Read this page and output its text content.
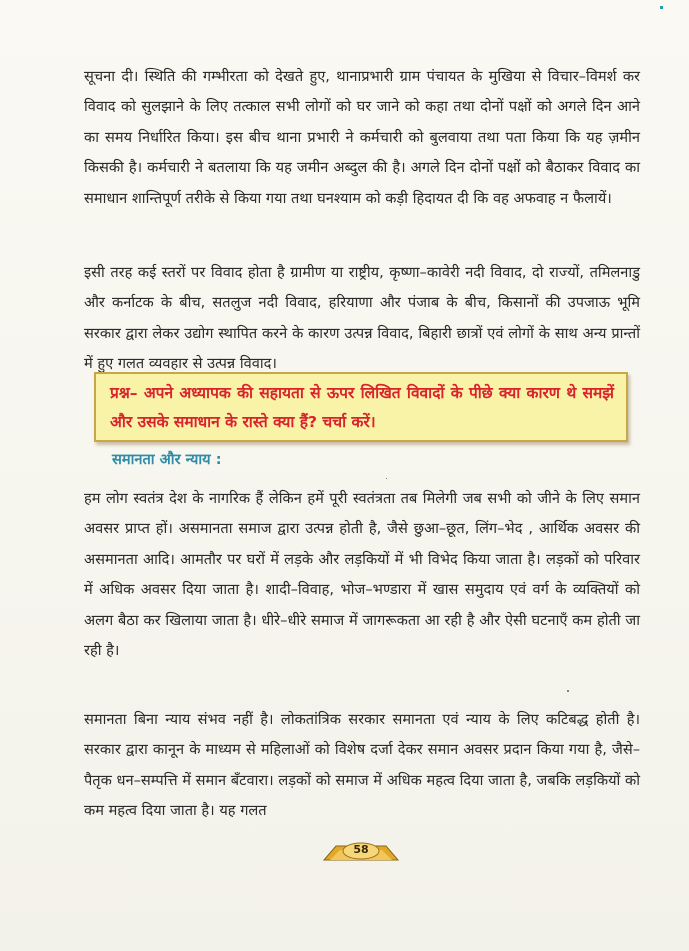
सूचना दी। स्थिति की गम्भीरता को देखते हुए, थानाप्रभारी ग्राम पंचायत के मुखिया से विचार–विमर्श कर विवाद को सुलझाने के लिए तत्काल सभी लोगों को घर जाने को कहा तथा दोनों पक्षों को अगले दिन आने का समय निर्धारित किया। इस बीच थाना प्रभारी ने कर्मचारी को बुलवाया तथा पता किया कि यह ज़मीन किसकी है। कर्मचारी ने बतलाया कि यह जमीन अब्दुल की है। अगले दिन दोनों पक्षों को बैठाकर विवाद का समाधान शान्तिपूर्ण तरीके से किया गया तथा घनश्याम को कड़ी हिदायत दी कि वह अफवाह न फैलायें।

इसी तरह कई स्तरों पर विवाद होता है ग्रामीण या राष्ट्रीय, कृष्णा–कावेरी नदी विवाद, दो राज्यों, तमिलनाडु और कर्नाटक के बीच, सतलुज नदी विवाद, हरियाणा और पंजाब के बीच, किसानों की उपजाऊ भूमि सरकार द्वारा लेकर उद्योग स्थापित करने के कारण उत्पन्न विवाद, बिहारी छात्रों एवं लोगों के साथ अन्य प्रान्तों में हुए गलत व्यवहार से उत्पन्न विवाद।

प्रश्न– अपने अध्यापक की सहायता से ऊपर लिखित विवादों के पीछे क्या कारण थे समझें और उसके समाधान के रास्ते क्या हैं? चर्चा करें।

समानता और न्याय :

हम लोग स्वतंत्र देश के नागरिक हैं लेकिन हमें पूरी स्वतंत्रता तब मिलेगी जब सभी को जीने के लिए समान अवसर प्राप्त हों। असमानता समाज द्वारा उत्पन्न होती है, जैसे छुआ–छूत, लिंग–भेद , आर्थिक अवसर की असमानता आदि। आमतौर पर घरों में लड़के और लड़कियों में भी विभेद किया जाता है। लड़कों को परिवार में अधिक अवसर दिया जाता है। शादी–विवाह, भोज–भण्डारा में खास समुदाय एवं वर्ग के व्यक्तियों को अलग बैठा कर खिलाया जाता है। धीरे–धीरे समाज में जागरूकता आ रही है और ऐसी घटनाएँ कम होती जा रही है।

समानता बिना न्याय संभव नहीं है। लोकतांत्रिक सरकार समानता एवं न्याय के लिए कटिबद्ध होती है। सरकार द्वारा कानून के माध्यम से महिलाओं को विशेष दर्जा देकर समान अवसर प्रदान किया गया है, जैसे–पैतृक धन–सम्पत्ति में समान बँटवारा। लड़कों को समाज में अधिक महत्व दिया जाता है, जबकि लड़कियों को कम महत्व दिया जाता है। यह गलत

58
